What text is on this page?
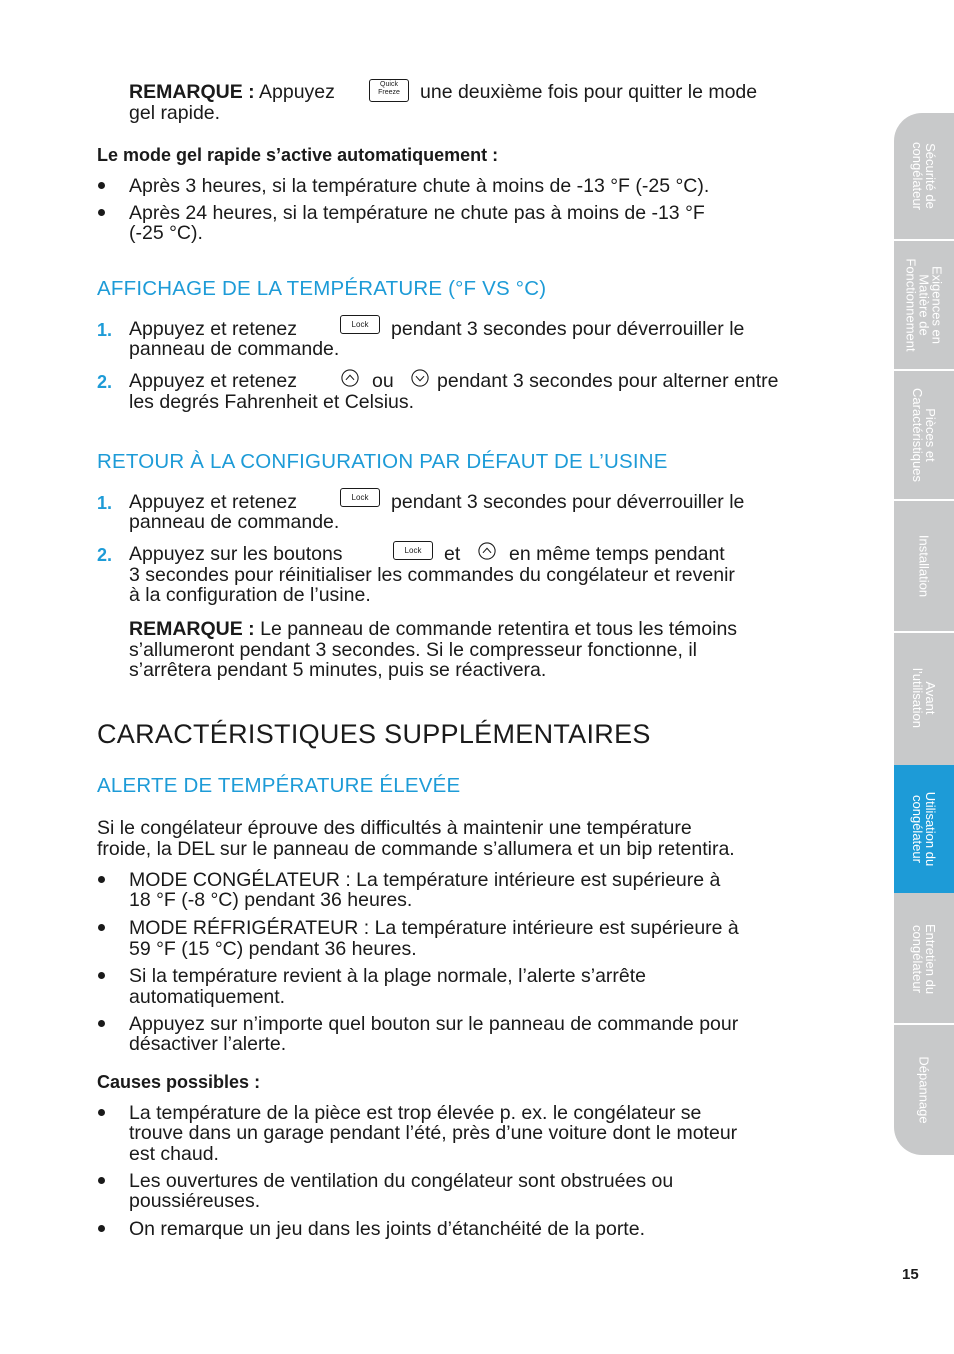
REMARQUE : Appuyez	Quick
Freeze	une deuxième fois pour quitter le mode
gel rapide.
Le mode gel rapide s’active automatiquement :
Après 3 heures, si la température chute à moins de -13 °F (-25 °C).
Après 24 heures, si la température ne chute pas à moins de -13 °F
(-25 °C).
AFFICHAGE DE LA TEMPÉRATURE (°F VS °C)
1. Appuyez et retenez	Lock	pendant 3 secondes pour déverrouiller le
panneau de commande.
2. Appuyez et retenez	ou pendant 3 secondes pour alterner entre
les degrés Fahrenheit et Celsius.
RETOUR À LA CONFIGURATION PAR DÉFAUT DE L’USINE
1. Appuyez et retenez	Lock	pendant 3 secondes pour déverrouiller le
panneau de commande.
2. Appuyez sur les boutons	Lock	et en même temps pendant
3 secondes pour réinitialiser les commandes du congélateur et revenir
à la configuration de l’usine.
REMARQUE : Le panneau de commande retentira et tous les témoins
s’allumeront pendant 3 secondes. Si le compresseur fonctionne, il
s’arrêtera pendant 5 minutes, puis se réactivera.
CARACTÉRISTIQUES SUPPLÉMENTAIRES
ALERTE DE TEMPÉRATURE ÉLEVÉE
Si le congélateur éprouve des difficultés à maintenir une température
froide, la DEL sur le panneau de commande s’allumera et un bip retentira.
MODE CONGÉLATEUR : La température intérieure est supérieure à
18 °F (-8 °C) pendant 36 heures.
MODE RÉFRIGÉRATEUR : La température intérieure est supérieure à
59 °F (15 °C) pendant 36 heures.
Si la température revient à la plage normale, l’alerte s’arrête
automatiquement.
Appuyez sur n’importe quel bouton sur le panneau de commande pour
désactiver l’alerte.
Causes possibles :
La température de la pièce est trop élevée p. ex. le congélateur se
trouve dans un garage pendant l’été, près d’une voiture dont le moteur
est chaud.
Les ouvertures de ventilation du congélateur sont obstruées ou
poussiéreuses.
On remarque un jeu dans les joints d’étanchéité de la porte.
Sécurité de
congélateur
Exigences en
Matière de
Fonctionnement
Pièces et
Caractéristiques
Installation
Avant
l’utilisation
Utilisation du
congélateur
Entretien du
congélateur
Dépannage
15
